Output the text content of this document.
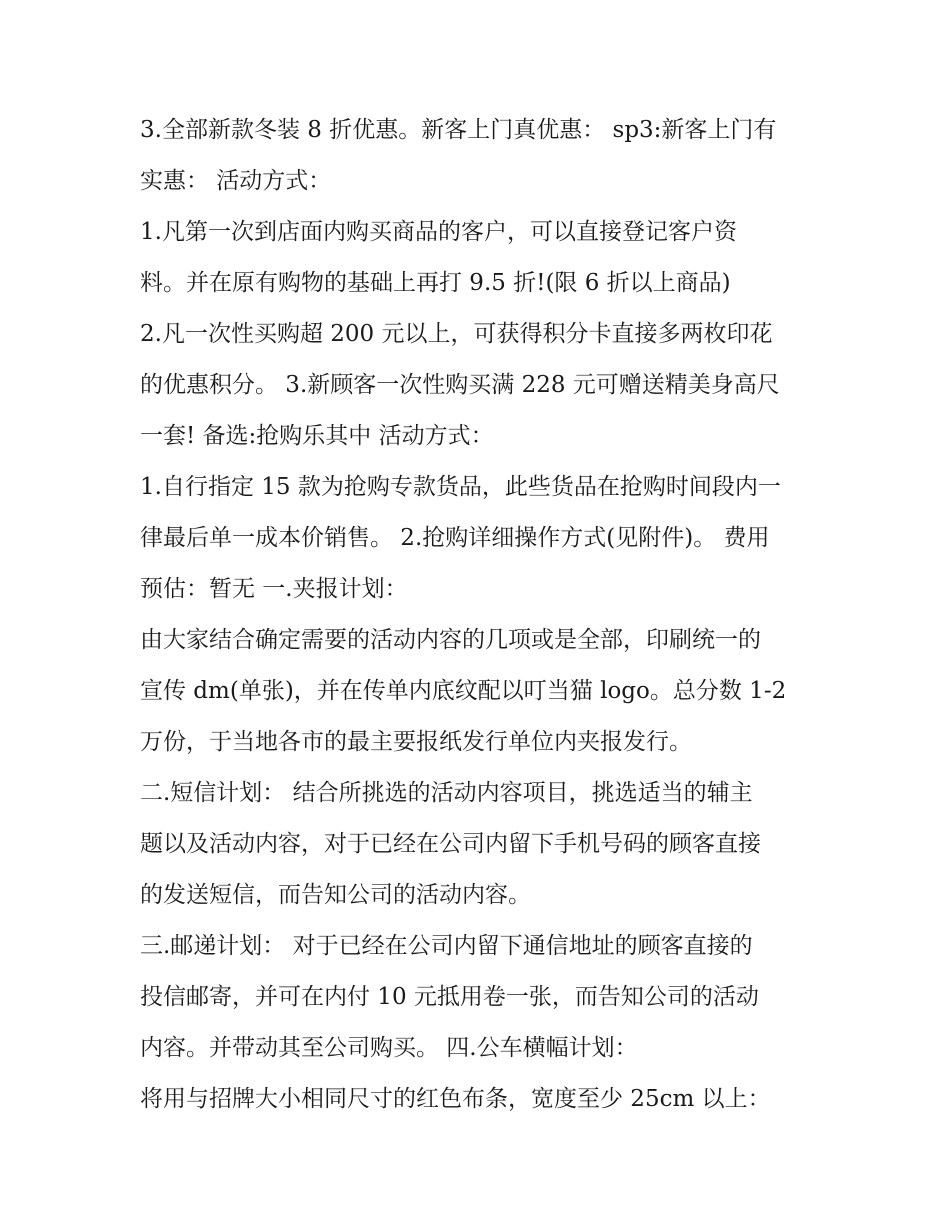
3.全部新款冬装 8 折优惠。新客上门真优惠： sp3:新客上门有
实惠： 活动方式：
1.凡第一次到店面内购买商品的客户，可以直接登记客户资
料。并在原有购物的基础上再打 9.5 折!(限 6 折以上商品)
2.凡一次性买购超 200 元以上，可获得积分卡直接多两枚印花
的优惠积分。 3.新顾客一次性购买满 228 元可赠送精美身高尺
一套! 备选:抢购乐其中 活动方式：
1.自行指定 15 款为抢购专款货品，此些货品在抢购时间段内一
律最后单一成本价销售。 2.抢购详细操作方式(见附件)。 费用
预估：暂无 一.夹报计划：
由大家结合确定需要的活动内容的几项或是全部，印刷统一的
宣传 dm(单张)，并在传单内底纹配以叮当猫 logo。总分数 1-2
万份，于当地各市的最主要报纸发行单位内夹报发行。
二.短信计划： 结合所挑选的活动内容项目，挑选适当的辅主
题以及活动内容，对于已经在公司内留下手机号码的顾客直接
的发送短信，而告知公司的活动内容。
三.邮递计划： 对于已经在公司内留下通信地址的顾客直接的
投信邮寄，并可在内付 10 元抵用卷一张，而告知公司的活动
内容。并带动其至公司购买。 四.公车横幅计划：
将用与招牌大小相同尺寸的红色布条，宽度至少 25cm 以上：
